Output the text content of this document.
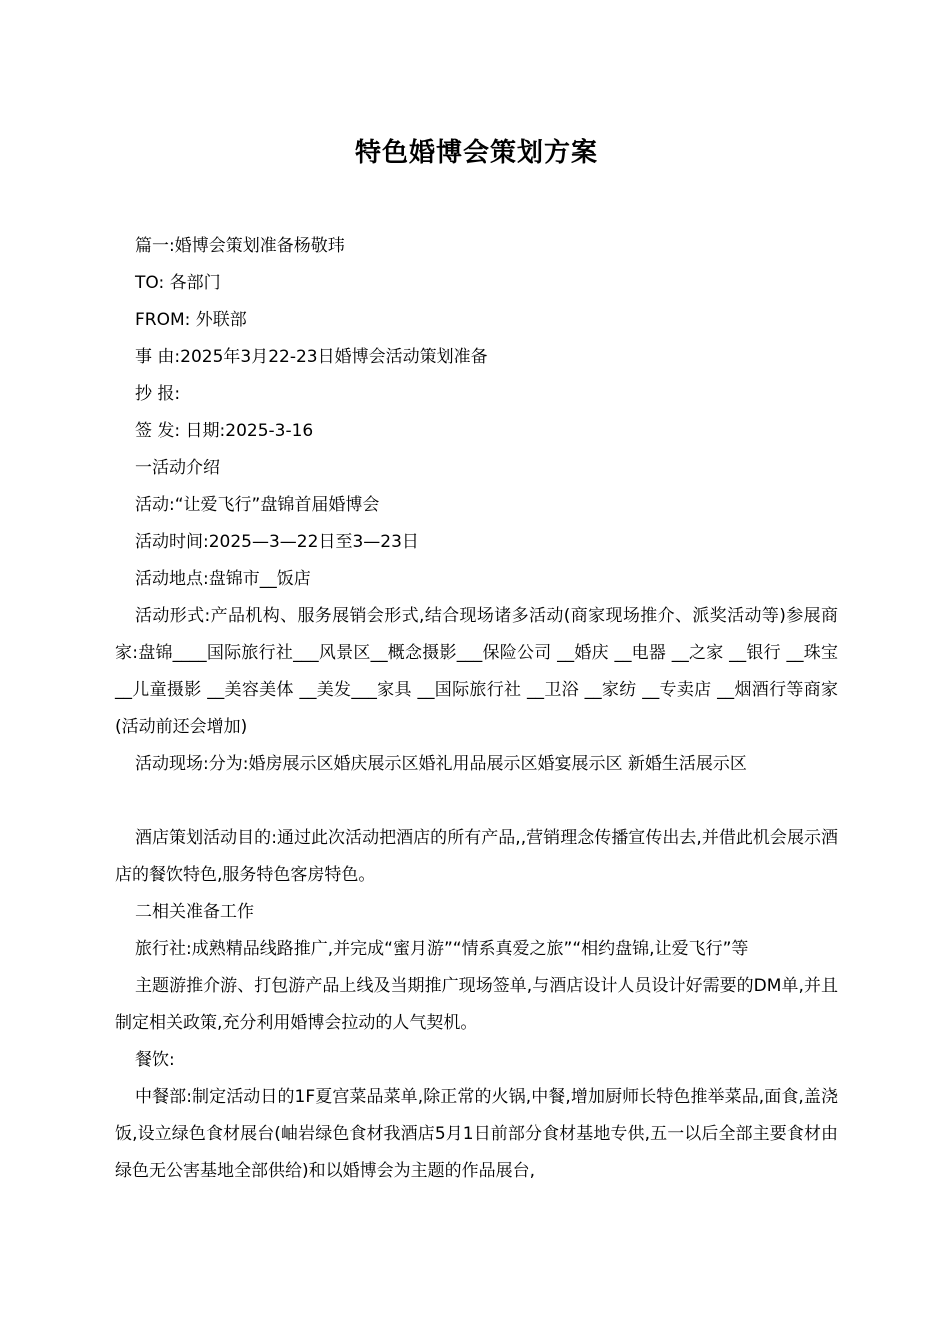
特色婚博会策划方案

篇一:婚博会策划准备杨敬玮

TO: 各部门

FROM: 外联部

事 由:2025年3月22-23日婚博会活动策划准备

抄 报:

签 发: 日期:2025-3-16

一活动介绍

活动:“让爱飞行”盘锦首届婚博会

活动时间:2025—3—22日至3—23日

活动地点:盘锦市__饭店

活动形式:产品机构、服务展销会形式,结合现场诸多活动(商家现场推介、派奖活动等)参展商家:盘锦____国际旅行社___风景区__概念摄影___保险公司 __婚庆 __电器 __之家 __银行 __珠宝 __儿童摄影 __美容美体 __美发___家具 __国际旅行社 __卫浴 __家纺 __专卖店 __烟酒行等商家(活动前还会增加)

活动现场:分为:婚房展示区婚庆展示区婚礼用品展示区婚宴展示区 新婚生活展示区

酒店策划活动目的:通过此次活动把酒店的所有产品,,营销理念传播宣传出去,并借此机会展示酒店的餐饮特色,服务特色客房特色。

二相关准备工作

旅行社:成熟精品线路推广,并完成“蜜月游”“情系真爱之旅”“相约盘锦,让爱飞行”等

主题游推介游、打包游产品上线及当期推广现场签单,与酒店设计人员设计好需要的DM单,并且制定相关政策,充分利用婚博会拉动的人气契机。

餐饮:

中餐部:制定活动日的1F夏宫菜品菜单,除正常的火锅,中餐,增加厨师长特色推举菜品,面食,盖浇饭,设立绿色食材展台(岫岩绿色食材我酒店5月1日前部分食材基地专供,五一以后全部主要食材由绿色无公害基地全部供给)和以婚博会为主题的作品展台,
